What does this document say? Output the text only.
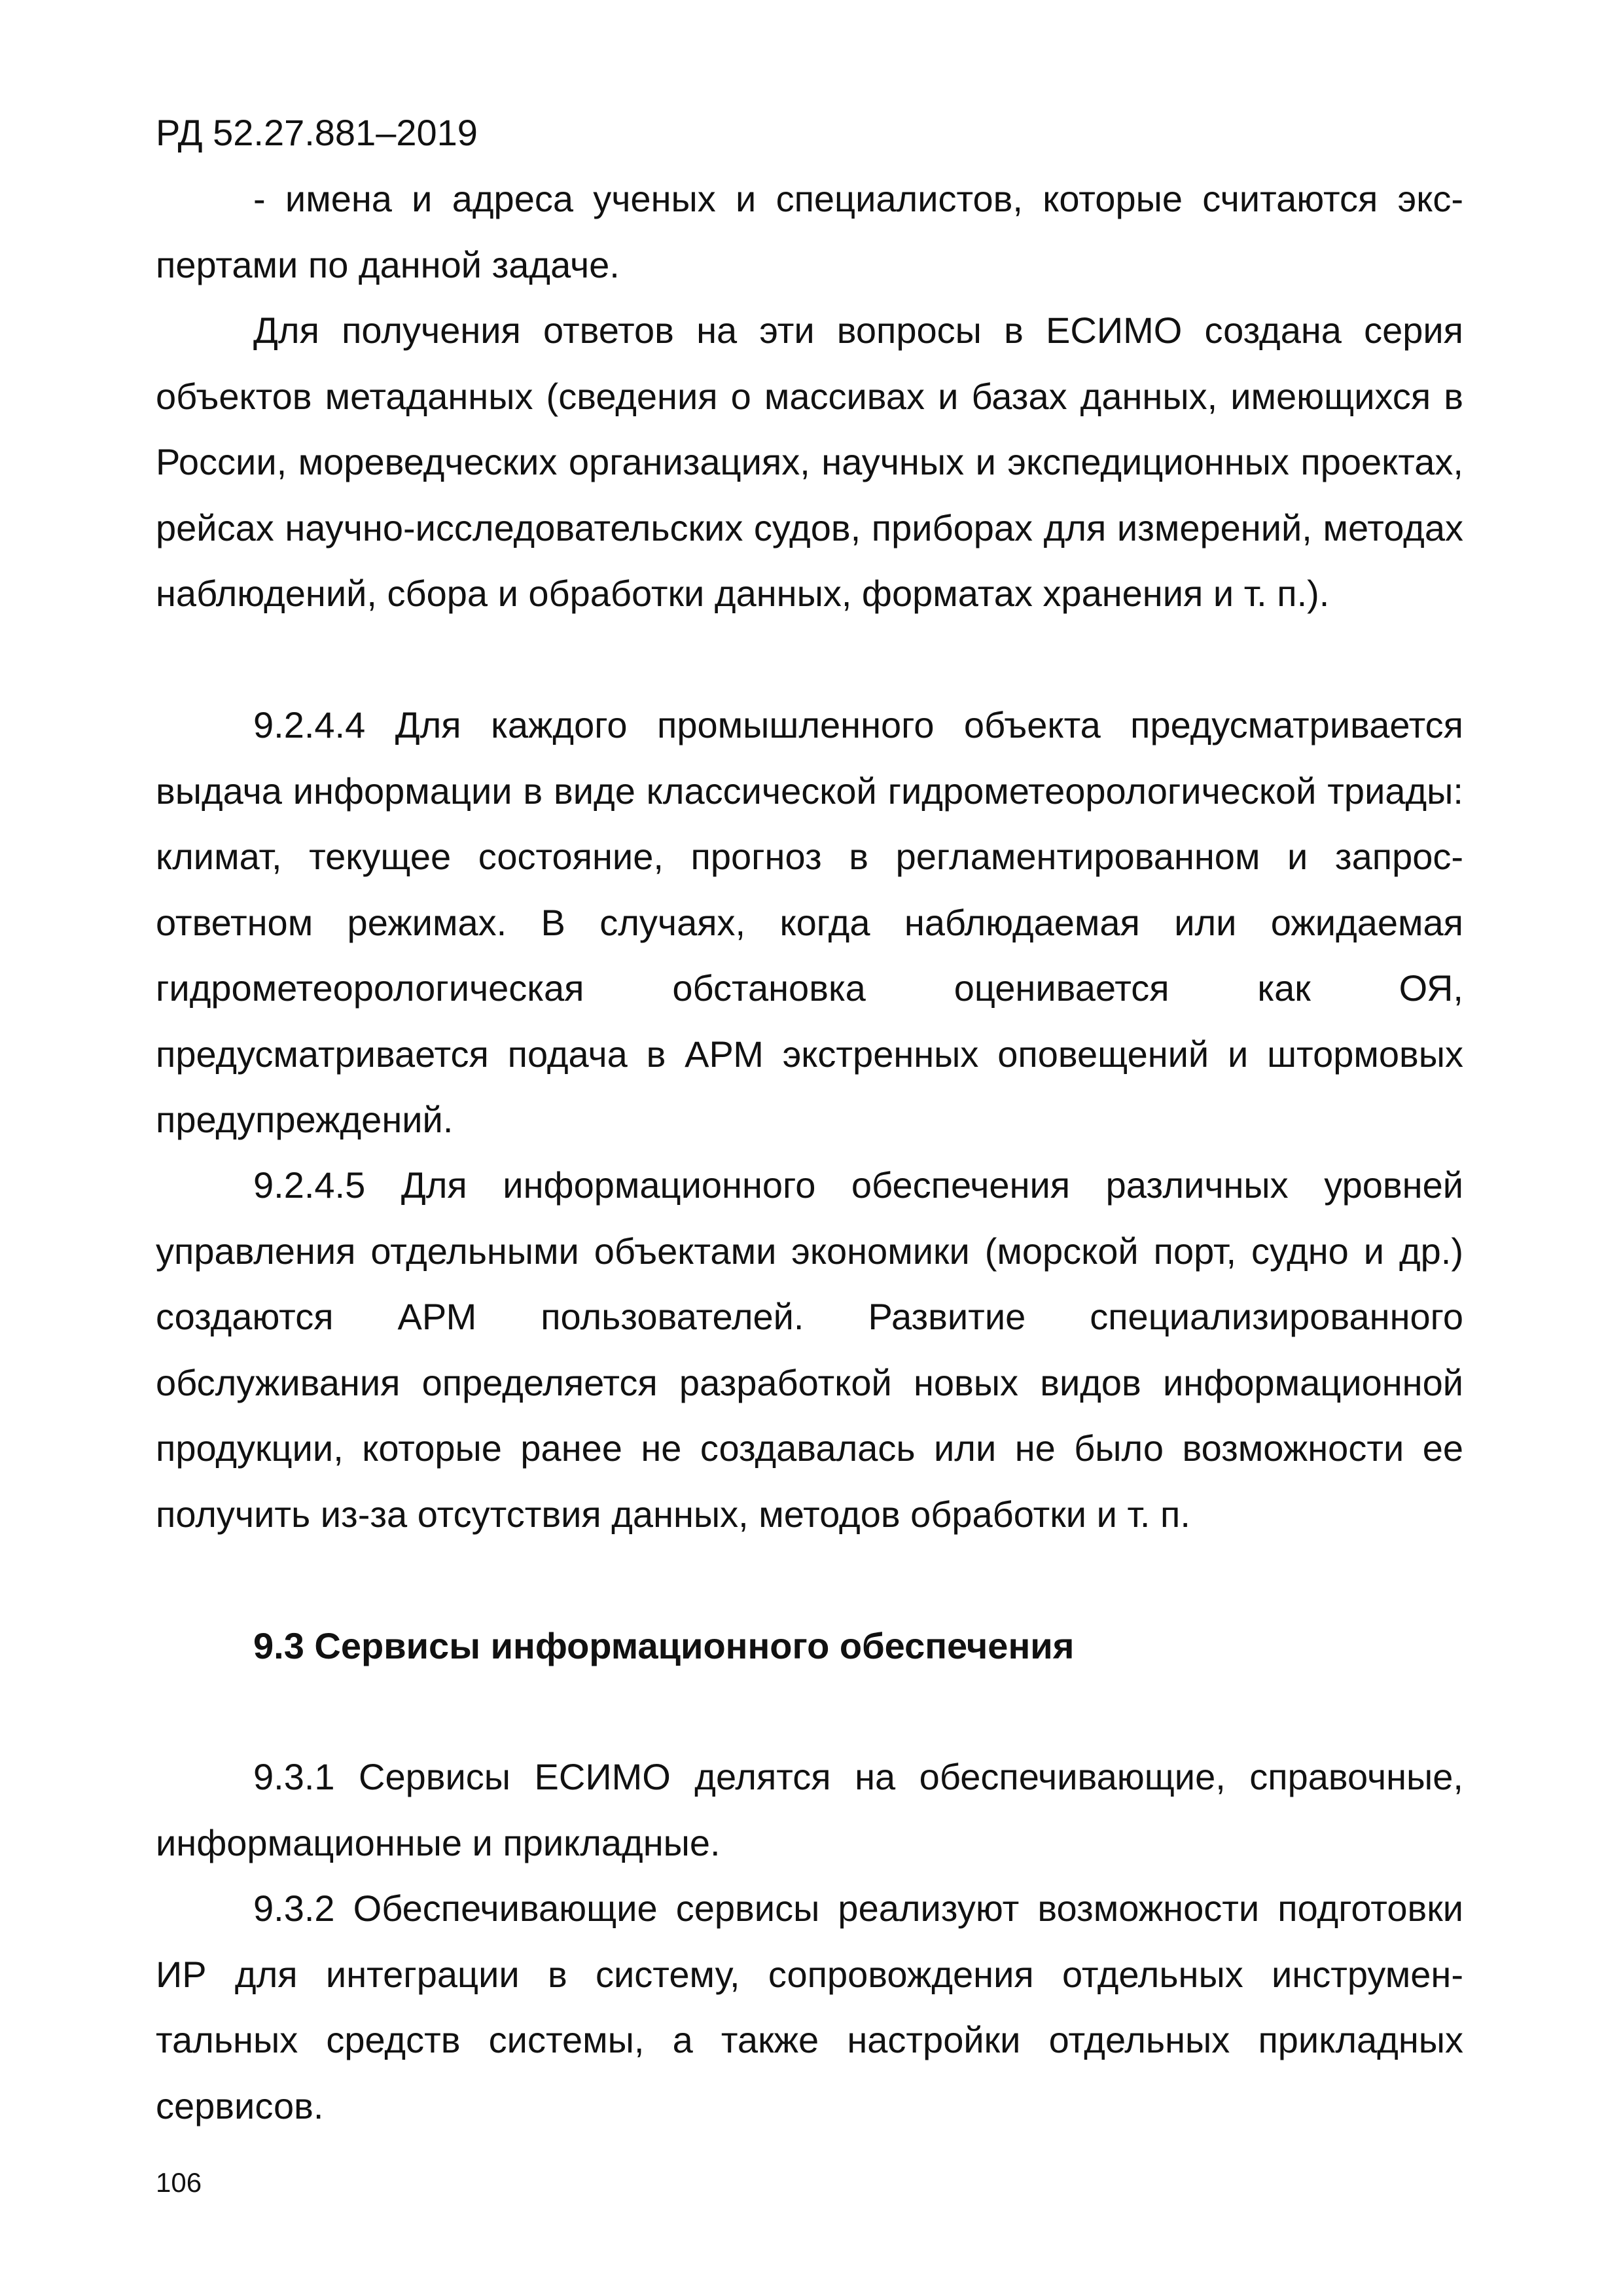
РД 52.27.881–2019

- имена и адреса ученых и специалистов, которые считаются экспертами по данной задаче.

Для получения ответов на эти вопросы в ЕСИМО создана серия объектов метаданных (сведения о массивах и базах данных, имеющихся в России, мореведческих организациях, научных и экспедиционных проектах, рейсах научно-исследовательских судов, приборах для измерений, методах наблюдений, сбора и обработки данных, форматах хранения и т. п.).

9.2.4.4 Для каждого промышленного объекта предусматривается выдача информации в виде классической гидрометеорологической триады: климат, текущее состояние, прогноз в регламентированном и запрос-ответном режимах. В случаях, когда наблюдаемая или ожидаемая гидрометеорологическая обстановка оценивается как ОЯ, предусматривается подача в АРМ экстренных оповещений и штормовых предупреждений.

9.2.4.5 Для информационного обеспечения различных уровней управления отдельными объектами экономики (морской порт, судно и др.) создаются АРМ пользователей. Развитие специализированного обслуживания определяется разработкой новых видов информационной продукции, которые ранее не создавалась или не было возможности ее получить из-за отсутствия данных, методов обработки и т. п.

9.3 Сервисы информационного обеспечения

9.3.1 Сервисы ЕСИМО делятся на обеспечивающие, справочные, информационные и прикладные.

9.3.2 Обеспечивающие сервисы реализуют возможности подготовки ИР для интеграции в систему, сопровождения отдельных инструментальных средств системы, а также настройки отдельных прикладных сервисов.

106
